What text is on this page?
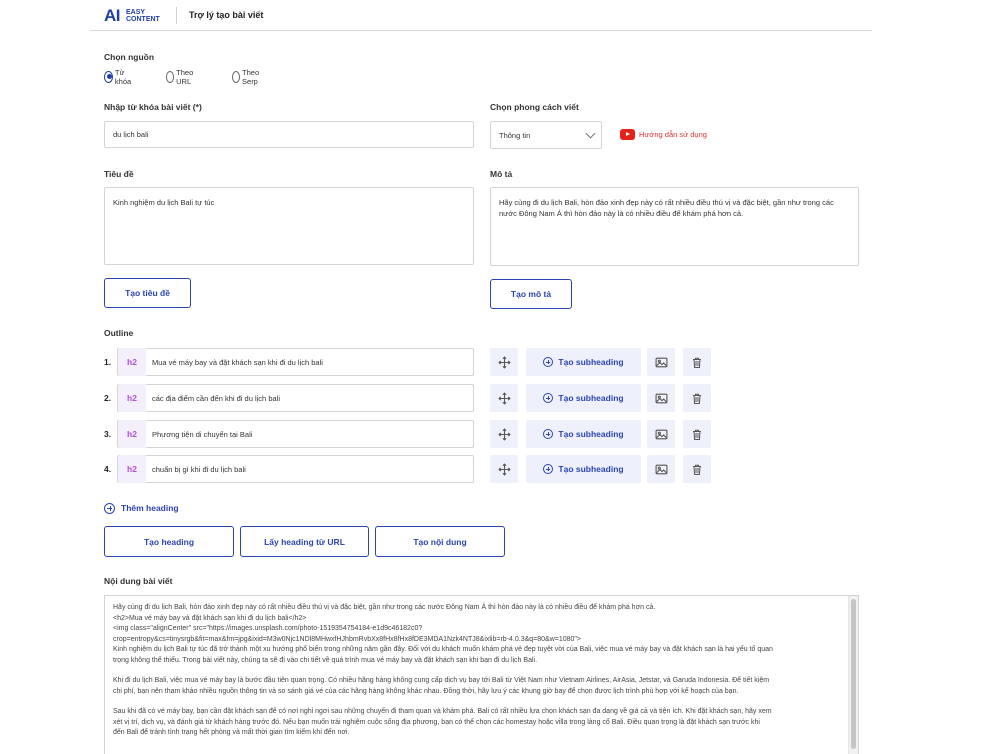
AI EASY
CONTENT	Trợ lý tạo bài viết
Chọn nguồn
Từ khóa
Theo URL
Theo Serp
Nhập từ khóa bài viết (*)
du lịch bali
Chọn phong cách viết
Thông tin	Hướng dẫn sử dụng
Tiêu đề
Kinh nghiệm du lịch Bali tự túc
Tạo tiêu đề
Mô tả
Hãy cùng đi du lịch Bali, hòn đảo xinh đẹp này có rất nhiều điều thú vị và đặc biệt, gần như trong các nước Đông Nam Á thì hòn đảo này là có nhiều điều để khám phá hơn cả.
Tạo mô tả
Outline
1.	h2	Mua vé máy bay và đặt khách sạn khi đi du lịch bali	Tạo subheading
2.	h2	các địa điểm cần đến khi đi du lịch bali	Tạo subheading
3.	h2	Phương tiện di chuyển tại Bali	Tạo subheading
4.	h2	chuẩn bị gì khi đi du lịch bali	Tạo subheading
Thêm heading
Tạo heading	Lấy heading từ URL	Tạo nội dung
Nội dung bài viết

Hãy cùng đi du lịch Bali, hòn đảo xinh đẹp này có rất nhiều điều thú vị và đặc biệt, gần như trong các nước Đông Nam Á thì hòn đảo này là có nhiều điều để khám phá hơn cả.

<h2>Mua vé máy bay và đặt khách sạn khi đi du lịch bali</h2>

<img class="alignCenter" src="https://images.unsplash.com/photo-1519354754184-e1d9c46182c0?

crop=entropy&cs=tinysrgb&fit=max&fm=jpg&ixid=M3w0Njc1NDl8MHwxfHJhbmRvbXx8fHx8fHx8fDE3MDA1Nzk4NTJ8&ixlib=rb-4.0.3&q=80&w=1080">

Kinh nghiệm du lịch Bali tự túc đã trở thành một xu hướng phổ biến trong những năm gần đây. Đối với du khách muốn khám phá vẻ đẹp tuyệt vời của Bali, việc mua vé máy bay và đặt khách sạn là hai yếu tố quan

trọng không thể thiếu. Trong bài viết này, chúng ta sẽ đi vào chi tiết về quá trình mua vé máy bay và đặt khách sạn khi bạn đi du lịch Bali.

Khi đi du lịch Bali, việc mua vé máy bay là bước đầu tiên quan trọng. Có nhiều hãng hàng không cung cấp dịch vụ bay tới Bali từ Việt Nam như Vietnam Airlines, AirAsia, Jetstar, và Garuda Indonesia. Để tiết kiệm

chi phí, bạn nên tham khảo nhiều nguồn thông tin và so sánh giá vé của các hãng hàng không khác nhau. Đồng thời, hãy lưu ý các khung giờ bay để chọn được lịch trình phù hợp với kế hoạch của bạn.

Sau khi đã có vé máy bay, bạn cần đặt khách sạn để có nơi nghỉ ngơi sau những chuyến đi tham quan và khám phá. Bali có rất nhiều lựa chọn khách sạn đa dạng về giá cả và tiện ích. Khi đặt khách sạn, hãy xem

xét vị trí, dịch vụ, và đánh giá từ khách hàng trước đó. Nếu bạn muốn trải nghiệm cuộc sống địa phương, bạn có thể chọn các homestay hoặc villa trong làng cổ Bali. Điều quan trọng là đặt khách sạn trước khi

đến Bali để tránh tình trạng hết phòng và mất thời gian tìm kiếm khi đến nơi.
